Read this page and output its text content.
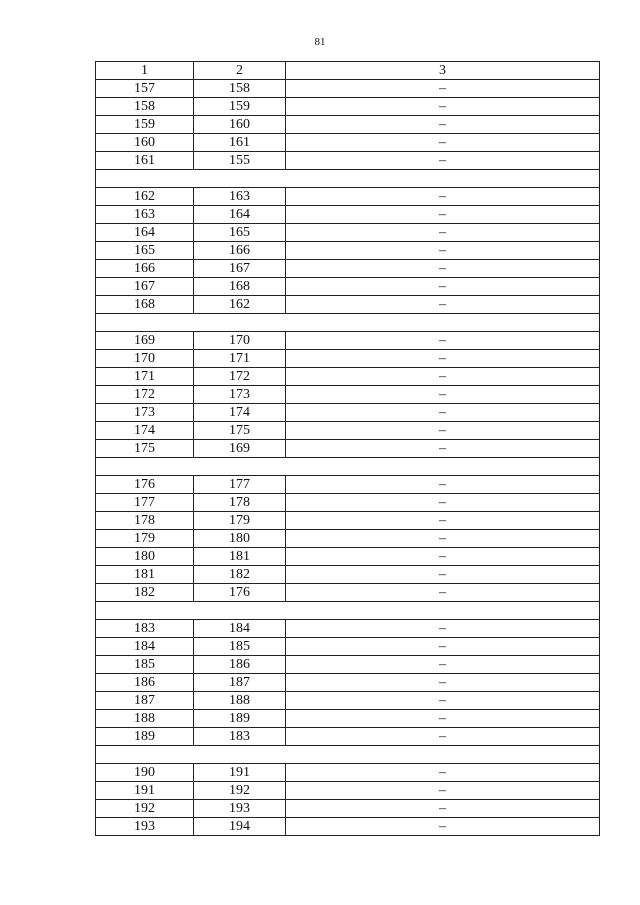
81
1	2	3
157	158	–
158	159	–
159	160	–
160	161	–
161	155	–

162	163	–
163	164	–
164	165	–
165	166	–
166	167	–
167	168	–
168	162	–

169	170	–
170	171	–
171	172	–
172	173	–
173	174	–
174	175	–
175	169	–

176	177	–
177	178	–
178	179	–
179	180	–
180	181	–
181	182	–
182	176	–

183	184	–
184	185	–
185	186	–
186	187	–
187	188	–
188	189	–
189	183	–

190	191	–
191	192	–
192	193	–
193	194	–
